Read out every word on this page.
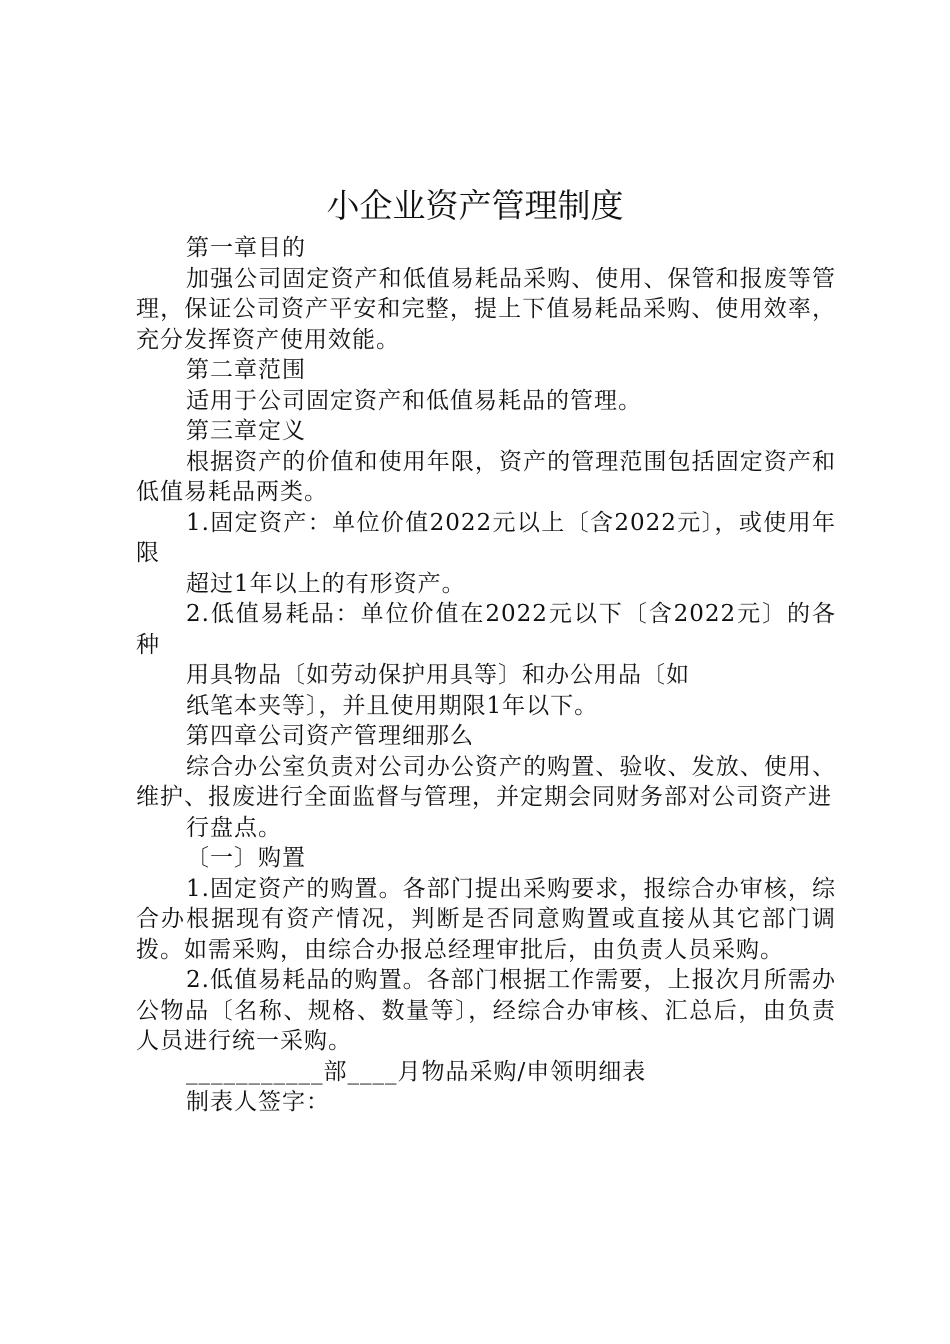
小企业资产管理制度

第一章目的

加强公司固定资产和低值易耗品采购、使用、保管和报废等管理，保证公司资产平安和完整，提上下值易耗品采购、使用效率，充分发挥资产使用效能。

第二章范围

适用于公司固定资产和低值易耗品的管理。

第三章定义

根据资产的价值和使用年限，资产的管理范围包括固定资产和低值易耗品两类。

1.固定资产：单位价值2022元以上〔含2022元〕，或使用年限

超过1年以上的有形资产。

2.低值易耗品：单位价值在2022元以下〔含2022元〕的各种

用具物品〔如劳动保护用具等〕和办公用品〔如

纸笔本夹等〕，并且使用期限1年以下。

第四章公司资产管理细那么

综合办公室负责对公司办公资产的购置、验收、发放、使用、维护、报废进行全面监督与管理，并定期会同财务部对公司资产进

行盘点。

〔一〕购置

1.固定资产的购置。各部门提出采购要求，报综合办审核，综合办根据现有资产情况，判断是否同意购置或直接从其它部门调拨。如需采购，由综合办报总经理审批后，由负责人员采购。

2.低值易耗品的购置。各部门根据工作需要，上报次月所需办公物品〔名称、规格、数量等〕，经综合办审核、汇总后，由负责人员进行统一采购。

___________部____月物品采购/申领明细表

制表人签字：
